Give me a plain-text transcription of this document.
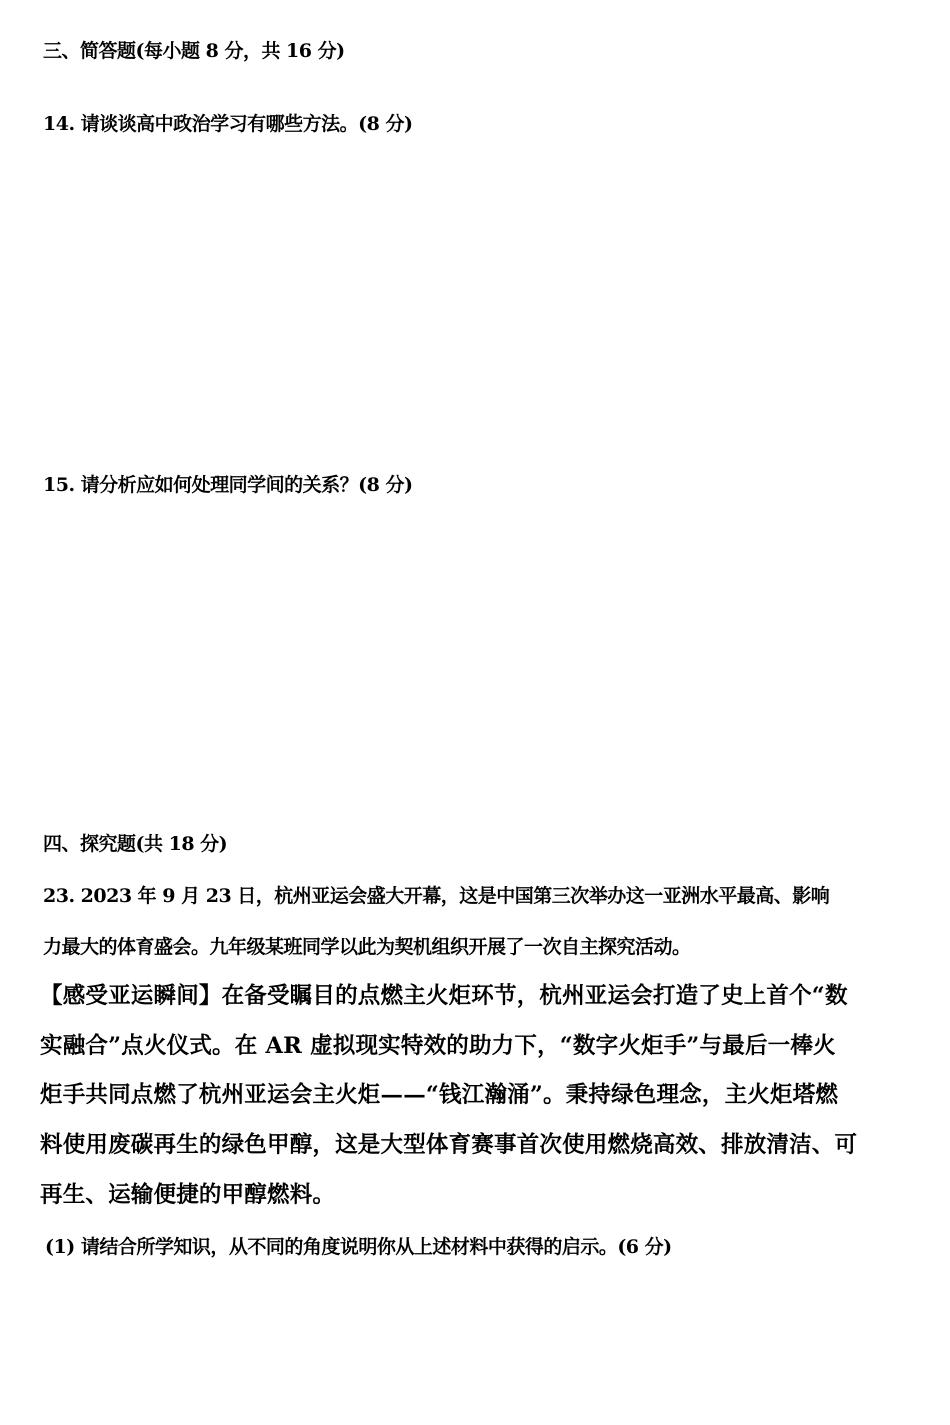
三、简答题(每小题 8 分，共 16 分)

14. 请谈谈高中政治学习有哪些方法。(8 分)

15. 请分析应如何处理同学间的关系？(8 分)

四、探究题(共 18 分)

23. 2023 年 9 月 23 日，杭州亚运会盛大开幕，这是中国第三次举办这一亚洲水平最高、影响

力最大的体育盛会。九年级某班同学以此为契机组织开展了一次自主探究活动。

【感受亚运瞬间】在备受瞩目的点燃主火炬环节，杭州亚运会打造了史上首个“数

实融合”点火仪式。在 AR 虚拟现实特效的助力下，“数字火炬手”与最后一棒火

炬手共同点燃了杭州亚运会主火炬——“钱江瀚涌”。秉持绿色理念，主火炬塔燃

料使用废碳再生的绿色甲醇，这是大型体育赛事首次使用燃烧高效、排放清洁、可

再生、运输便捷的甲醇燃料。

(1) 请结合所学知识，从不同的角度说明你从上述材料中获得的启示。(6 分)
